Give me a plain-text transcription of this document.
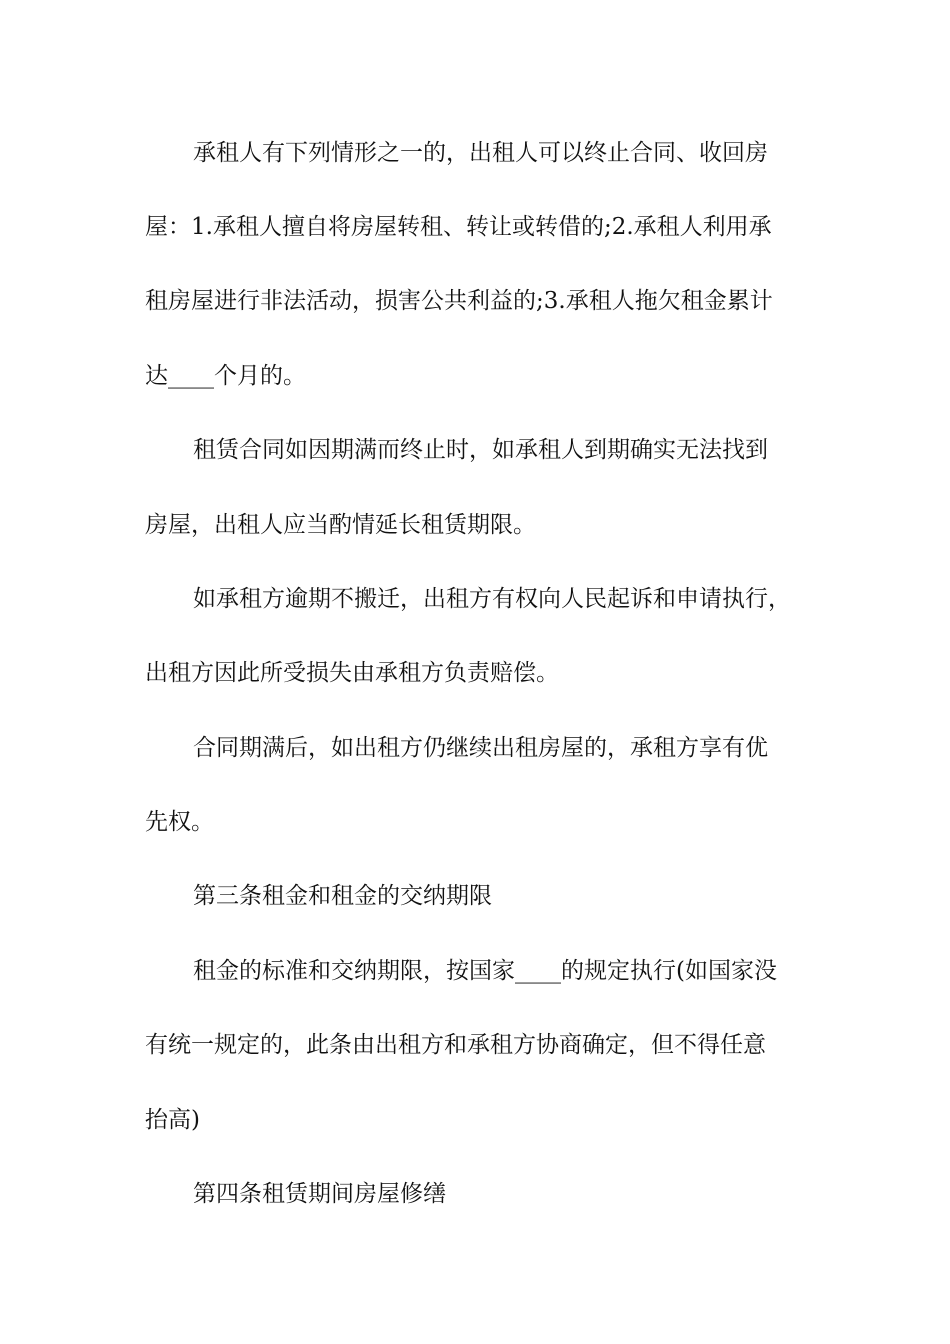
承租人有下列情形之一的，出租人可以终止合同、收回房
屋：1.承租人擅自将房屋转租、转让或转借的;2.承租人利用承
租房屋进行非法活动，损害公共利益的;3.承租人拖欠租金累计
达____个月的。
租赁合同如因期满而终止时，如承租人到期确实无法找到
房屋，出租人应当酌情延长租赁期限。
如承租方逾期不搬迁，出租方有权向人民起诉和申请执行，
出租方因此所受损失由承租方负责赔偿。
合同期满后，如出租方仍继续出租房屋的，承租方享有优
先权。
第三条租金和租金的交纳期限
租金的标准和交纳期限，按国家____的规定执行(如国家没
有统一规定的，此条由出租方和承租方协商确定，但不得任意
抬高)
第四条租赁期间房屋修缮
